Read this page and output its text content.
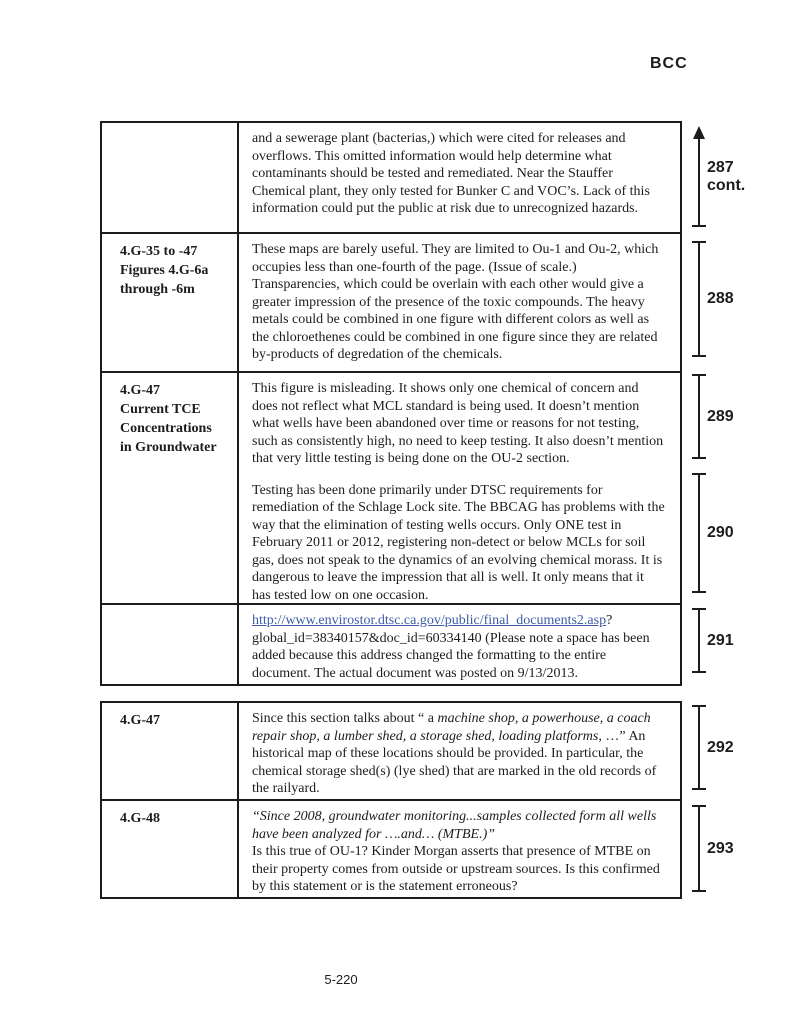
BCC

and a sewerage plant (bacterias,) which were cited for releases and overflows. This omitted information would help determine what contaminants should be tested and remediated. Near the Stauffer Chemical plant, they only tested for Bunker C and VOC’s. Lack of this information could put the public at risk due to unrecognized hazards.

4.G-35 to -47
Figures 4.G-6a
through -6m

These maps are barely useful. They are limited to Ou-1 and Ou-2, which occupies less than one-fourth of the page. (Issue of scale.) Transparencies, which could be overlain with each other would give a greater impression of the presence of the toxic compounds. The heavy metals could be combined in one figure with different colors as well as the chloroethenes could be combined in one figure since they are related by-products of degredation of the chemicals.

4.G-47
Current TCE
Concentrations
in Groundwater

This figure is misleading. It shows only one chemical of concern and does not reflect what MCL standard is being used. It doesn’t mention what wells have been abandoned over time or reasons for not testing, such as consistently high, no need to keep testing. It also doesn’t mention that very little testing is being done on the OU-2 section.

Testing has been done primarily under DTSC requirements for remediation of the Schlage Lock site. The BBCAG has problems with the way that the elimination of testing wells occurs. Only ONE test in February 2011 or 2012, registering non-detect or below MCLs for soil gas, does not speak to the dynamics of an evolving chemical morass. It is dangerous to leave the impression that all is well. It only means that it has tested low on one occasion.

http://www.envirostor.dtsc.ca.gov/public/final_documents2.asp?
global_id=38340157&doc_id=60334140 (Please note a space has been added because this address changed the formatting to the entire document. The actual document was posted on 9/13/2013.

4.G-47	Since this section talks about “ a machine shop, a powerhouse, a coach repair shop, a lumber shed, a storage shed, loading platforms, …” An historical map of these locations should be provided. In particular, the chemical storage shed(s) (lye shed) that are marked in the old records of the railyard.

4.G-48	“Since 2008, groundwater monitoring...samples collected form all wells have been analyzed for ….and… (MTBE.)”
Is this true of OU-1? Kinder Morgan asserts that presence of MTBE on their property comes from outside or upstream sources. Is this confirmed by this statement or is the statement erroneous?

287
cont.
288
289
290
291
292
293
5-220
